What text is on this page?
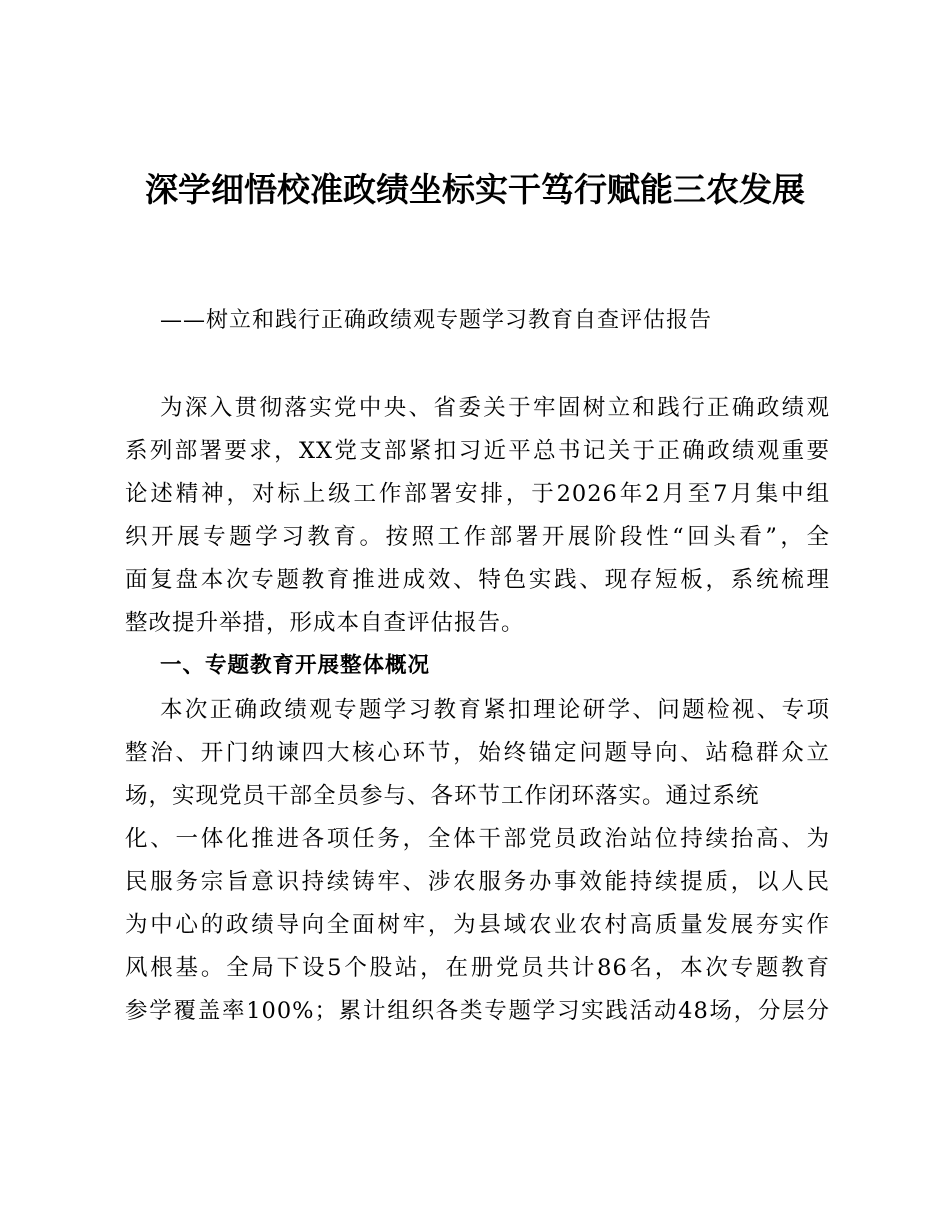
深学细悟校准政绩坐标实干笃行赋能三农发展
——树立和践行正确政绩观专题学习教育自查评估报告
为深入贯彻落实党中央、省委关于牢固树立和践行正确政绩观
系列部署要求，XX党支部紧扣习近平总书记关于正确政绩观重要
论述精神，对标上级工作部署安排，于2026年2月至7月集中组
织开展专题学习教育。按照工作部署开展阶段性“回头看”，全
面复盘本次专题教育推进成效、特色实践、现存短板，系统梳理
整改提升举措，形成本自查评估报告。
一、专题教育开展整体概况
本次正确政绩观专题学习教育紧扣理论研学、问题检视、专项
整治、开门纳谏四大核心环节，始终锚定问题导向、站稳群众立
场，实现党员干部全员参与、各环节工作闭环落实。通过系统
化、一体化推进各项任务，全体干部党员政治站位持续抬高、为
民服务宗旨意识持续铸牢、涉农服务办事效能持续提质，以人民
为中心的政绩导向全面树牢，为县域农业农村高质量发展夯实作
风根基。全局下设5个股站，在册党员共计86名，本次专题教育
参学覆盖率100%；累计组织各类专题学习实践活动48场，分层分
